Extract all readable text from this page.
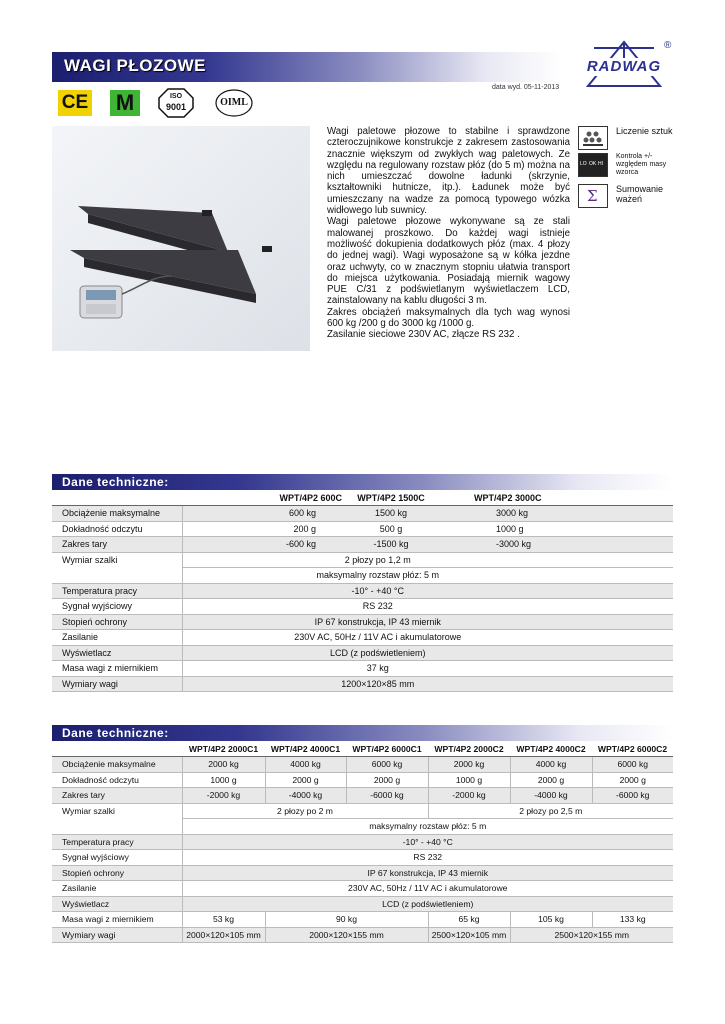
WAGI PŁOZOWE
data wyd. 05-11-2013
RADWAG
®
CE M	ISO
9001	OIML

Wagi paletowe płozowe to stabilne i sprawdzone czteroczujnikowe konstrukcje z zakresem zastosowania znacznie większym od zwykłych wag paletowych. Ze względu na regulowany rozstaw płóz (do 5 m) można na nich umieszczać dowolne ładunki (skrzynie, kształtowniki hutnicze, itp.). Ładunek może być umieszczany na wadze za pomocą typowego wózka widłowego lub suwnicy.

Wagi paletowe płozowe wykonywane są ze stali malowanej proszkowo. Do każdej wagi istnieje możliwość dokupienia dodatkowych płóz (max. 4 płozy do jednej wagi). Wagi wyposażone są w kółka jezdne oraz uchwyty, co w znacznym stopniu ułatwia transport do miejsca użytkowania. Posiadają miernik wagowy PUE C/31 z podświetlanym wyświetlaczem LCD, zainstalowany na kablu długości 3 m.

Zakres obciążeń maksymalnych dla tych wag wynosi 600 kg /200 g do 3000 kg /1000 g.

Zasilanie sieciowe 230V AC, złącze RS 232 .

Liczenie sztuk
LO OK HI
Kontrola +/- względem masy wzorca
Σ Sumowanie ważeń
Dane techniczne:
	WPT/4P2 600C	WPT/4P2 1500C	WPT/4P2 3000C
Obciążenie maksymalne	600 kg	1500 kg	3000 kg
Dokładność odczytu	200 g	500 g	1000 g
Zakres tary	-600 kg	-1500 kg	-3000 kg
Wymiar szalki	2 płozy po 1,2 m		
	maksymalny rozstaw płóz: 5 m		
Temperatura pracy	-10° - +40 °C		
Sygnał wyjściowy	RS 232		
Stopień ochrony	IP 67 konstrukcja, IP 43 miernik		
Zasilanie	230V AC, 50Hz / 11V AC i akumulatorowe		
Wyświetlacz	LCD (z podświetleniem)		
Masa wagi z miernikiem	37 kg		
Wymiary wagi	1200×120×85 mm		
Dane techniczne:
	WPT/4P2 2000C1	WPT/4P2 4000C1	WPT/4P2 6000C1	WPT/4P2 2000C2	WPT/4P2 4000C2	WPT/4P2 6000C2
Obciążenie maksymalne	2000 kg	4000 kg	6000 kg	2000 kg	4000 kg	6000 kg
Dokładność odczytu	1000 g	2000 g	2000 g	1000 g	2000 g	2000 g
Zakres tary	-2000 kg	-4000 kg	-6000 kg	-2000 kg	-4000 kg	-6000 kg
Wymiar szalki	2 płozy po 2 m			2 płozy po 2,5 m		
	maksymalny rozstaw płóz: 5 m					
Temperatura pracy	-10° - +40 °C					
Sygnał wyjściowy	RS 232					
Stopień ochrony	IP 67 konstrukcja, IP 43 miernik					
Zasilanie	230V AC, 50Hz / 11V AC i akumulatorowe					
Wyświetlacz	LCD (z podświetleniem)					
Masa wagi z miernikiem	53 kg	90 kg		65 kg	105 kg	133 kg
Wymiary wagi	2000×120×105 mm	2000×120×155 mm		2500×120×105 mm	2500×120×155 mm	
